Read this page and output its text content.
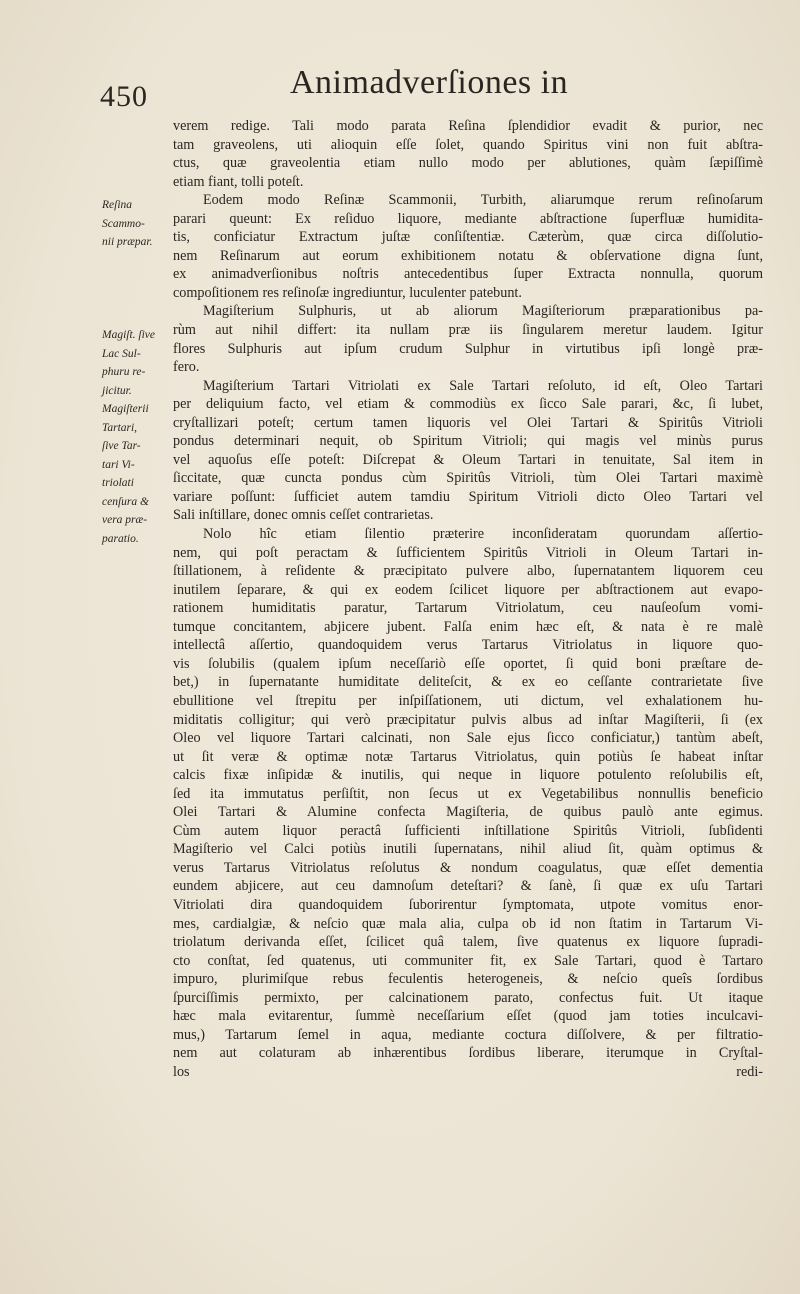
450	Animadverſiones in
Reſina
Scammo-
nii præpar.
Magiſt. ſive
Lac Sul-
phuru re-
jicitur.
Magiſterii
Tartari,
ſive Tar-
tari Vi-
triolati
cenſura &
vera præ-
paratio.
verem redige. Tali modo parata Reſina ſplendidior evadit & purior, nec
tam graveolens, uti alioquin eſſe ſolet, quando Spiritus vini non fuit abſtra-
ctus, quæ graveolentia etiam nullo modo per ablutiones, quàm ſæpiſſimè
etiam fiant, tolli poteſt.
Eodem modo Reſinæ Scammonii, Turbith, aliarumque rerum reſinoſarum
parari queunt: Ex reſiduo liquore, mediante abſtractione ſuperfluæ humidita-
tis, conficiatur Extractum juſtæ conſiſtentiæ. Cæterùm, quæ circa diſſolutio-
nem Reſinarum aut eorum exhibitionem notatu & obſervatione digna ſunt,
ex animadverſionibus noſtris antecedentibus ſuper Extracta nonnulla, quorum
compoſitionem res reſinoſæ ingrediuntur, luculenter patebunt.
Magiſterium Sulphuris, ut ab aliorum Magiſteriorum præparationibus pa-
rùm aut nihil differt: ita nullam præ iis ſingularem meretur laudem. Igitur
flores Sulphuris aut ipſum crudum Sulphur in virtutibus ipſi longè præ-
fero.
Magiſterium Tartari Vitriolati ex Sale Tartari reſoluto, id eſt, Oleo Tartari
per deliquium facto, vel etiam & commodiùs ex ſicco Sale parari, &c, ſi lubet,
cryſtallizari poteſt; certum tamen liquoris vel Olei Tartari & Spiritûs Vitrioli
pondus determinari nequit, ob Spiritum Vitrioli; qui magis vel minùs purus
vel aquoſus eſſe poteſt: Diſcrepat & Oleum Tartari in tenuitate, Sal item in
ſiccitate, quæ cuncta pondus cùm Spiritûs Vitrioli, tùm Olei Tartari maximè
variare poſſunt: ſufficiet autem tamdiu Spiritum Vitrioli dicto Oleo Tartari vel
Sali inſtillare, donec omnis ceſſet contrarietas.
Nolo hîc etiam ſilentio præterire inconſideratam quorundam aſſertio-
nem, qui poſt peractam & ſufficientem Spiritûs Vitrioli in Oleum Tartari in-
ſtillationem, à reſidente & præcipitato pulvere albo, ſupernatantem liquorem ceu
inutilem ſeparare, & qui ex eodem ſcilicet liquore per abſtractionem aut evapo-
rationem humiditatis paratur, Tartarum Vitriolatum, ceu nauſeoſum vomi-
tumque concitantem, abjicere jubent. Falſa enim hæc eſt, & nata è re malè
intellectâ aſſertio, quandoquidem verus Tartarus Vitriolatus in liquore quo-
vis ſolubilis (qualem ipſum neceſſariò eſſe oportet, ſi quid boni præſtare de-
bet,) in ſupernatante humiditate deliteſcit, & ex eo ceſſante contrarietate ſive
ebullitione vel ſtrepitu per inſpiſſationem, uti dictum, vel exhalationem hu-
miditatis colligitur; qui verò præcipitatur pulvis albus ad inſtar Magiſterii, ſi (ex
Oleo vel liquore Tartari calcinati, non Sale ejus ſicco conficiatur,) tantùm abeſt,
ut ſit veræ & optimæ notæ Tartarus Vitriolatus, quin potiùs ſe habeat inſtar
calcis fixæ inſipidæ & inutilis, qui neque in liquore potulento reſolubilis eſt,
ſed ita immutatus perſiſtit, non ſecus ut ex Vegetabilibus nonnullis beneficio
Olei Tartari & Alumine confecta Magiſteria, de quibus paulò ante egimus.
Cùm autem liquor peractâ ſufficienti inſtillatione Spiritûs Vitrioli, ſubſidenti
Magiſterio vel Calci potiùs inutili ſupernatans, nihil aliud ſit, quàm optimus &
verus Tartarus Vitriolatus reſolutus & nondum coagulatus, quæ eſſet dementia
eundem abjicere, aut ceu damnoſum deteſtari? & ſanè, ſi quæ ex uſu Tartari
Vitriolati dira quandoquidem ſuborirentur ſymptomata, utpote vomitus enor-
mes, cardialgiæ, & neſcio quæ mala alia, culpa ob id non ſtatim in Tartarum Vi-
triolatum derivanda eſſet, ſcilicet quâ talem, ſive quatenus ex liquore ſupradi-
cto conſtat, ſed quatenus, uti communiter fit, ex Sale Tartari, quod è Tartaro
impuro, plurimiſque rebus feculentis heterogeneis, & neſcio queîs ſordibus
ſpurciſſimis permixto, per calcinationem parato, confectus fuit. Ut itaque
hæc mala evitarentur, ſummè neceſſarium eſſet (quod jam toties inculcavi-
mus,) Tartarum ſemel in aqua, mediante coctura diſſolvere, & per filtratio-
nem aut colaturam ab inhærentibus ſordibus liberare, iterumque in Cryſtal-
los redi-
